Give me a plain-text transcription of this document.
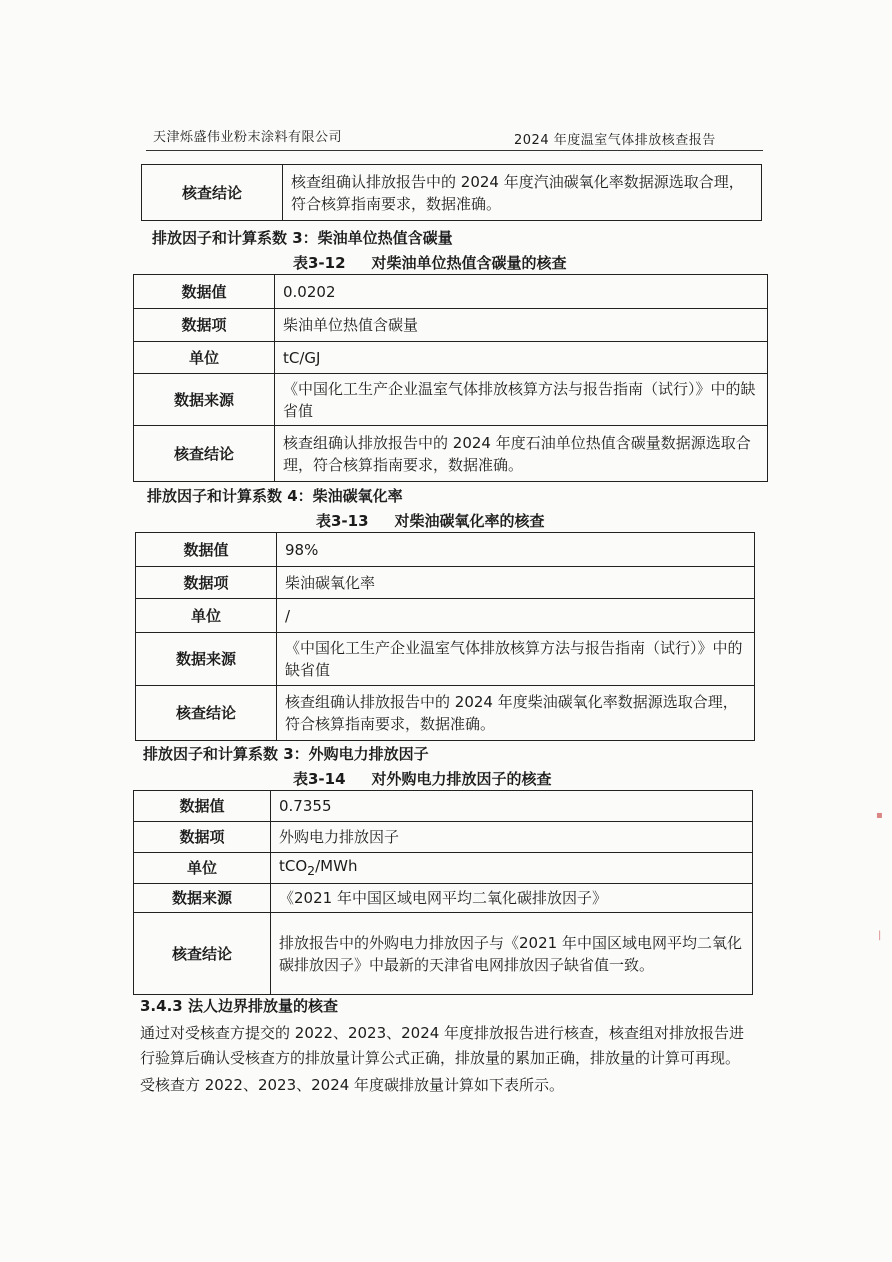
天津烁盛伟业粉末涂料有限公司	2024 年度温室气体排放核查报告
核查结论	核查组确认排放报告中的 2024 年度汽油碳氧化率数据源选取合理，符合核算指南要求，数据准确。
排放因子和计算系数 3：柴油单位热值含碳量
表3-12 对柴油单位热值含碳量的核查
数据值	0.0202
数据项	柴油单位热值含碳量
单位	tC/GJ
数据来源	《中国化工生产企业温室气体排放核算方法与报告指南（试行）》中的缺省值
核查结论	核查组确认排放报告中的 2024 年度石油单位热值含碳量数据源选取合理，符合核算指南要求，数据准确。
排放因子和计算系数 4：柴油碳氧化率
表3-13 对柴油碳氧化率的核查
数据值	98%
数据项	柴油碳氧化率
单位	/
数据来源	《中国化工生产企业温室气体排放核算方法与报告指南（试行）》中的缺省值
核查结论	核查组确认排放报告中的 2024 年度柴油碳氧化率数据源选取合理，符合核算指南要求，数据准确。
排放因子和计算系数 3：外购电力排放因子
表3-14 对外购电力排放因子的核查
数据值	0.7355
数据项	外购电力排放因子
单位	tCO$_2$/MWh
数据来源	《2021 年中国区域电网平均二氧化碳排放因子》
核查结论	排放报告中的外购电力排放因子与《2021 年中国区域电网平均二氧化碳排放因子》中最新的天津省电网排放因子缺省值一致。
3.4.3 法人边界排放量的核查

通过对受核查方提交的 2022、2023、2024 年度排放报告进行核查，核查组对排放报告进行验算后确认受核查方的排放量计算公式正确，排放量的累加正确，排放量的计算可再现。

受核查方 2022、2023、2024 年度碳排放量计算如下表所示。

▪
|
